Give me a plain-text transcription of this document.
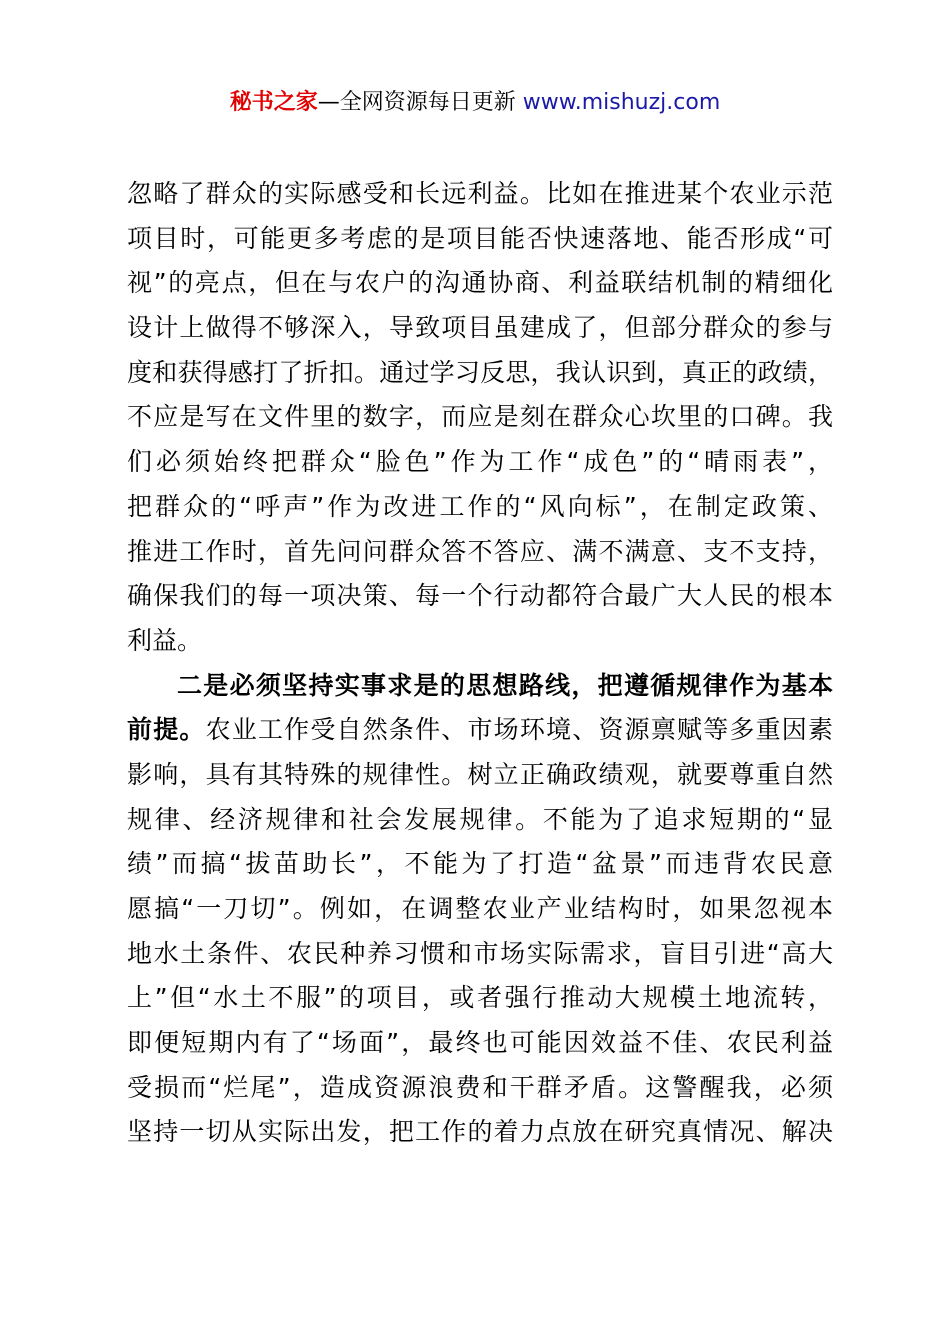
秘书之家—全网资源每日更新 www.mishuzj.com
忽略了群众的实际感受和长远利益。比如在推进某个农业示范
项目时，可能更多考虑的是项目能否快速落地、能否形成“可
视”的亮点，但在与农户的沟通协商、利益联结机制的精细化
设计上做得不够深入，导致项目虽建成了，但部分群众的参与
度和获得感打了折扣。通过学习反思，我认识到，真正的政绩，
不应是写在文件里的数字，而应是刻在群众心坎里的口碑。我
们必须始终把群众“脸色”作为工作“成色”的“晴雨表”，
把群众的“呼声”作为改进工作的“风向标”，在制定政策、
推进工作时，首先问问群众答不答应、满不满意、支不支持，
确保我们的每一项决策、每一个行动都符合最广大人民的根本
利益。
二是必须坚持实事求是的思想路线，把遵循规律作为基本
前提。农业工作受自然条件、市场环境、资源禀赋等多重因素
影响，具有其特殊的规律性。树立正确政绩观，就要尊重自然
规律、经济规律和社会发展规律。不能为了追求短期的“显
绩”而搞“拔苗助长”，不能为了打造“盆景”而违背农民意
愿搞“一刀切”。例如，在调整农业产业结构时，如果忽视本
地水土条件、农民种养习惯和市场实际需求，盲目引进“高大
上”但“水土不服”的项目，或者强行推动大规模土地流转，
即便短期内有了“场面”，最终也可能因效益不佳、农民利益
受损而“烂尾”，造成资源浪费和干群矛盾。这警醒我，必须
坚持一切从实际出发，把工作的着力点放在研究真情况、解决
